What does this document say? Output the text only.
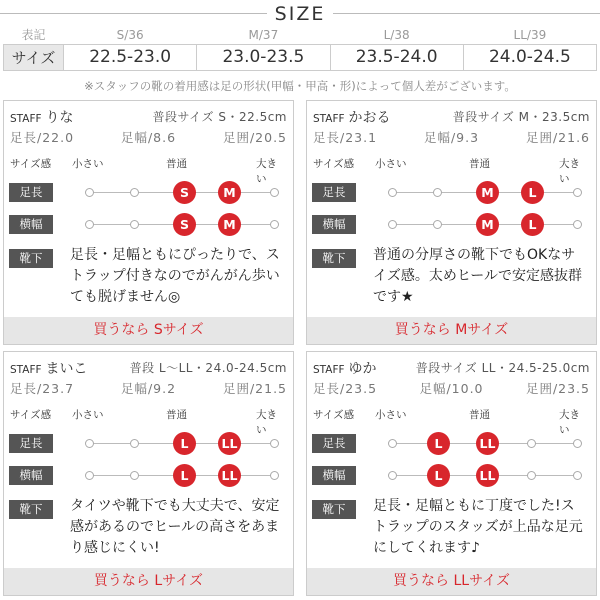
SIZE
表記	S/36	M/37	L/38	LL/39
サイズ	22.5-23.0	23.0-23.5	23.5-24.0	24.0-24.5
※スタッフの靴の着用感は足の形状(甲幅・甲高・形)によって個人差がございます。
STAFF りな	普段サイズ S・22.5cm
足長/22.0	足幅/8.6	足囲/20.5
サイズ感 小さい	普通	大きい
足長	S	M
横幅	S	M
靴下	足長・足幅ともにぴったりで、ストラップ付きなのでがんがん歩いても脱げません◎
買うなら Sサイズ
STAFF かおる	普段サイズ M・23.5cm
足長/23.1	足幅/9.3	足囲/21.6
サイズ感 小さい	普通	大きい
足長	M	L
横幅	M	L
靴下	普通の分厚さの靴下でもOKなサイズ感。太めヒールで安定感抜群です★
買うなら Mサイズ
STAFF まいこ	普段 L〜LL・24.0-24.5cm
足長/23.7	足幅/9.2	足囲/21.5
サイズ感 小さい	普通	大きい
足長	L	LL
横幅	L	LL
靴下	タイツや靴下でも大丈夫で、安定感があるのでヒールの高さをあまり感じにくい!
買うなら Lサイズ
STAFF ゆか	普段サイズ LL・24.5-25.0cm
足長/23.5	足幅/10.0	足囲/23.5
サイズ感 小さい	普通	大きい
足長	L	LL
横幅	L	LL
靴下	足長・足幅ともに丁度でした!ストラップのスタッズが上品な足元にしてくれます♪
買うなら LLサイズ
